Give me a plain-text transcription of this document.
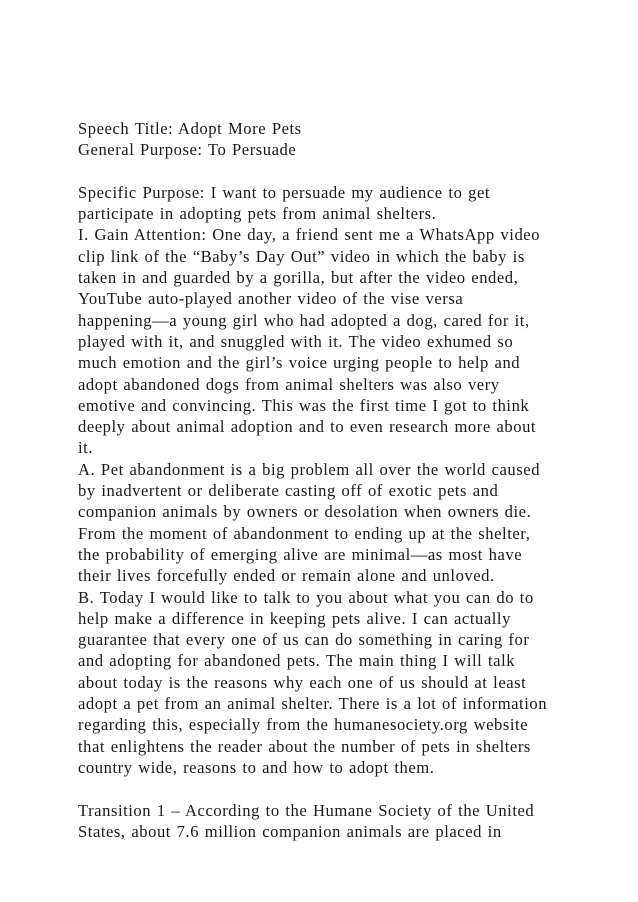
Speech Title: Adopt More Pets
General Purpose: To Persuade
Specific Purpose: I want to persuade my audience to get
participate in adopting pets from animal shelters.
I. Gain Attention: One day, a friend sent me a WhatsApp video
clip link of the “Baby’s Day Out” video in which the baby is
taken in and guarded by a gorilla, but after the video ended,
YouTube auto-played another video of the vise versa
happening—a young girl who had adopted a dog, cared for it,
played with it, and snuggled with it. The video exhumed so
much emotion and the girl’s voice urging people to help and
adopt abandoned dogs from animal shelters was also very
emotive and convincing. This was the first time I got to think
deeply about animal adoption and to even research more about
it.
A. Pet abandonment is a big problem all over the world caused
by inadvertent or deliberate casting off of exotic pets and
companion animals by owners or desolation when owners die.
From the moment of abandonment to ending up at the shelter,
the probability of emerging alive are minimal—as most have
their lives forcefully ended or remain alone and unloved.
B. Today I would like to talk to you about what you can do to
help make a difference in keeping pets alive. I can actually
guarantee that every one of us can do something in caring for
and adopting for abandoned pets. The main thing I will talk
about today is the reasons why each one of us should at least
adopt a pet from an animal shelter. There is a lot of information
regarding this, especially from the humanesociety.org website
that enlightens the reader about the number of pets in shelters
country wide, reasons to and how to adopt them.
Transition 1 – According to the Humane Society of the United
States, about 7.6 million companion animals are placed in
